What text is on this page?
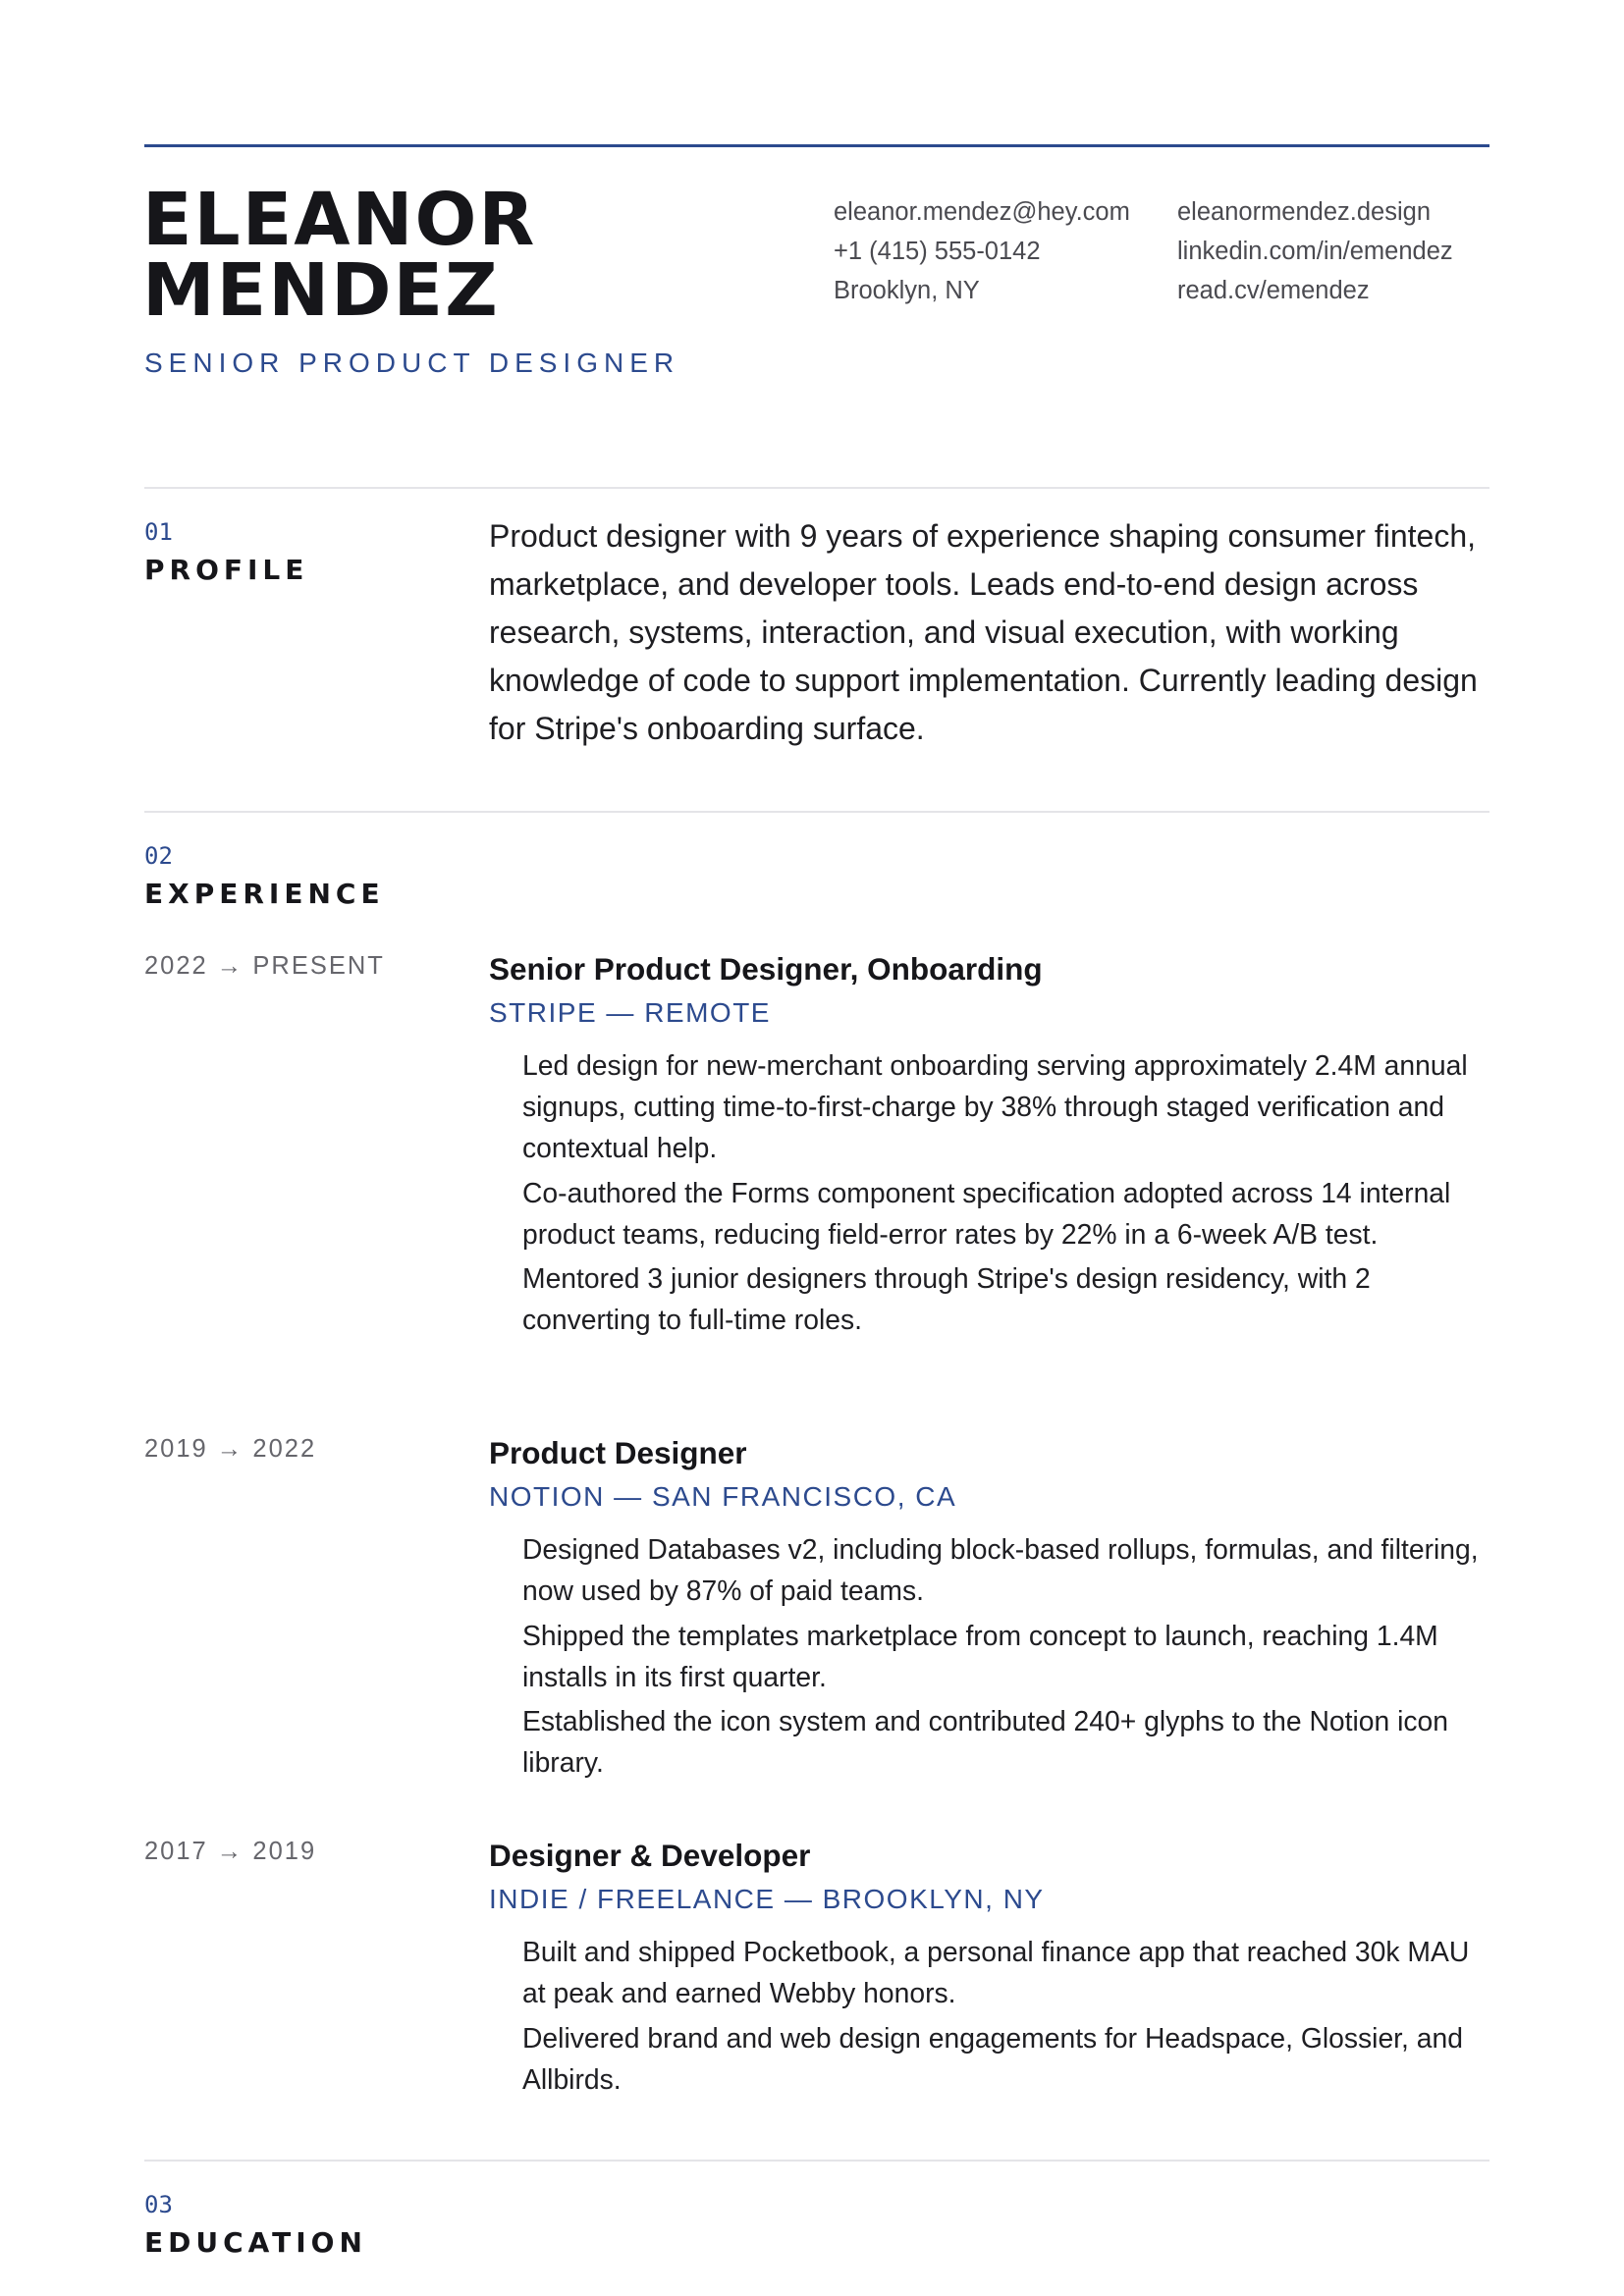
ELEANOR
MENDEZ
SENIOR PRODUCT DESIGNER
eleanor.mendez@hey.com
+1 (415) 555-0142
Brooklyn, NY
eleanormendez.design
linkedin.com/in/emendez
read.cv/emendez
01
PROFILE

Product designer with 9 years of experience shaping consumer fintech, marketplace, and developer tools. Leads end-to-end design across research, systems, interaction, and visual execution, with working knowledge of code to support implementation. Currently leading design for Stripe's onboarding surface.

02
EXPERIENCE
2022 → PRESENT	Senior Product Designer, Onboarding
STRIPE — REMOTE
Led design for new-merchant onboarding serving approximately 2.4M annual signups, cutting time-to-first-charge by 38% through staged verification and contextual help.
Co-authored the Forms component specification adopted across 14 internal product teams, reducing field-error rates by 22% in a 6-week A/B test.
Mentored 3 junior designers through Stripe's design residency, with 2 converting to full-time roles.
2019 → 2022	Product Designer
NOTION — SAN FRANCISCO, CA
Designed Databases v2, including block-based rollups, formulas, and filtering, now used by 87% of paid teams.
Shipped the templates marketplace from concept to launch, reaching 1.4M installs in its first quarter.
Established the icon system and contributed 240+ glyphs to the Notion icon library.
2017 → 2019	Designer & Developer
INDIE / FREELANCE — BROOKLYN, NY
Built and shipped Pocketbook, a personal finance app that reached 30k MAU at peak and earned Webby honors.
Delivered brand and web design engagements for Headspace, Glossier, and Allbirds.
03
EDUCATION
